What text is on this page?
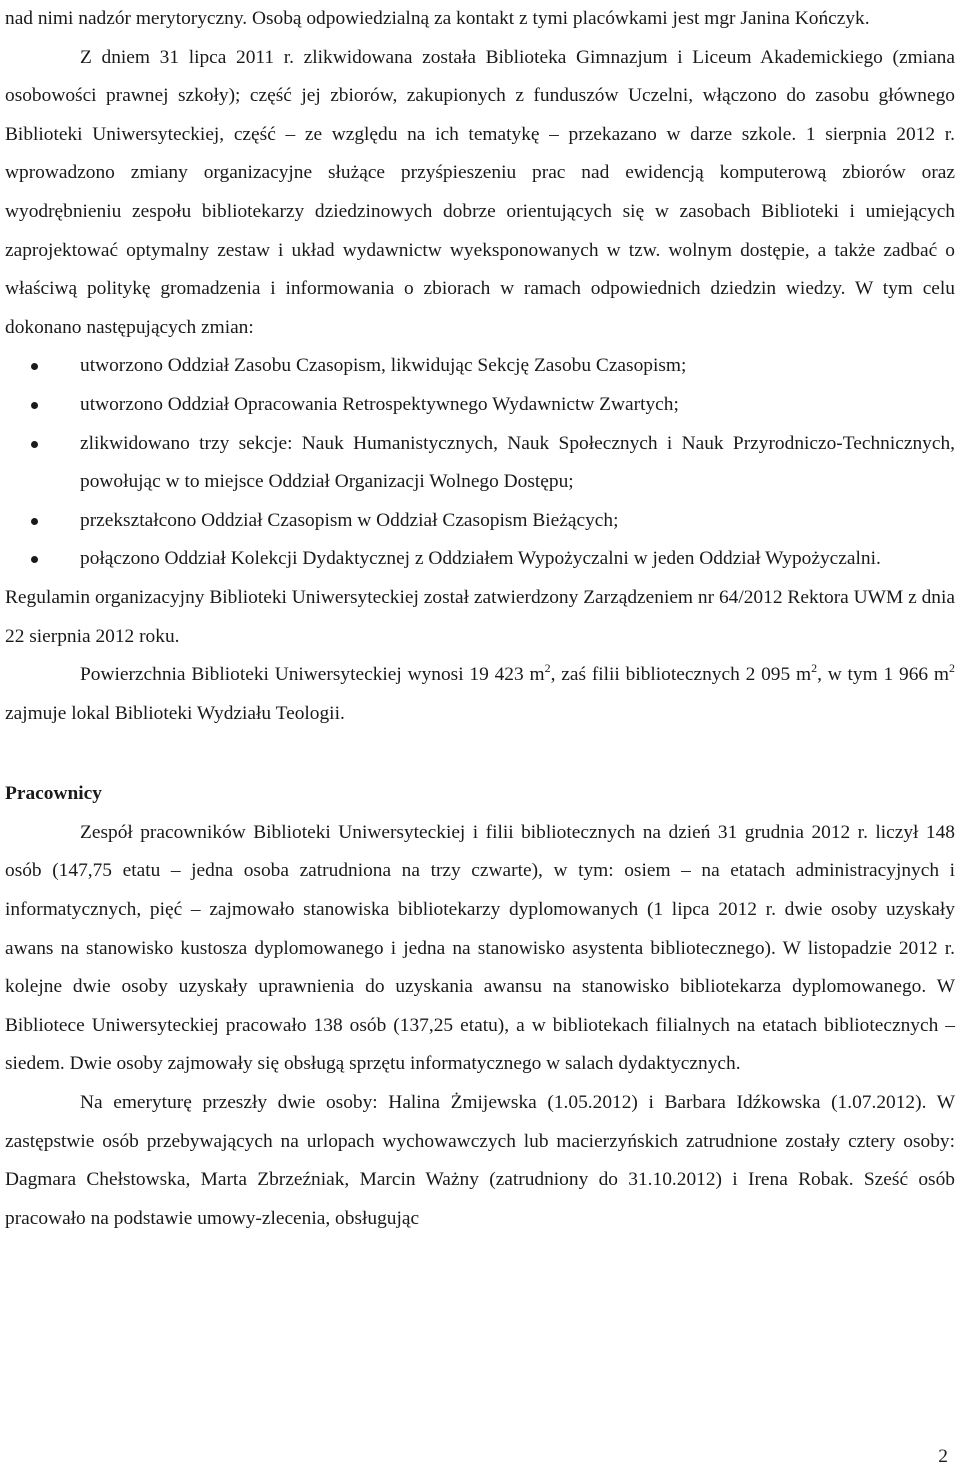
nad nimi nadzór merytoryczny. Osobą odpowiedzialną za kontakt z tymi placówkami jest mgr Janina Kończyk.

Z dniem 31 lipca 2011 r. zlikwidowana została Biblioteka Gimnazjum i Liceum Akademickiego (zmiana osobowości prawnej szkoły); część jej zbiorów, zakupionych z funduszów Uczelni, włączono do zasobu głównego Biblioteki Uniwersyteckiej, część – ze względu na ich tematykę – przekazano w darze szkole. 1 sierpnia 2012 r. wprowadzono zmiany organizacyjne służące przyśpieszeniu prac nad ewidencją komputerową zbiorów oraz wyodrębnieniu zespołu bibliotekarzy dziedzinowych dobrze orientujących się w zasobach Biblioteki i umiejących zaprojektować optymalny zestaw i układ wydawnictw wyeksponowanych w tzw. wolnym dostępie, a także zadbać o właściwą politykę gromadzenia i informowania o zbiorach w ramach odpowiednich dziedzin wiedzy. W tym celu dokonano następujących zmian:

utworzono Oddział Zasobu Czasopism, likwidując Sekcję Zasobu Czasopism;
utworzono Oddział Opracowania Retrospektywnego Wydawnictw Zwartych;
zlikwidowano trzy sekcje: Nauk Humanistycznych, Nauk Społecznych i Nauk Przyrodniczo-Technicznych, powołując w to miejsce Oddział Organizacji Wolnego Dostępu;
przekształcono Oddział Czasopism w Oddział Czasopism Bieżących;
połączono Oddział Kolekcji Dydaktycznej z Oddziałem Wypożyczalni w jeden Oddział Wypożyczalni.

Regulamin organizacyjny Biblioteki Uniwersyteckiej został zatwierdzony Zarządzeniem nr 64/2012 Rektora UWM z dnia 22 sierpnia 2012 roku.

Powierzchnia Biblioteki Uniwersyteckiej wynosi 19 423 $m^2$, zaś filii bibliotecznych 2 095 $m^2$, w tym 1 966 $m^2$ zajmuje lokal Biblioteki Wydziału Teologii.

Pracownicy

Zespół pracowników Biblioteki Uniwersyteckiej i filii bibliotecznych na dzień 31 grudnia 2012 r. liczył 148 osób (147,75 etatu – jedna osoba zatrudniona na trzy czwarte), w tym: osiem – na etatach administracyjnych i informatycznych, pięć – zajmowało stanowiska bibliotekarzy dyplomowanych (1 lipca 2012 r. dwie osoby uzyskały awans na stanowisko kustosza dyplomowanego i jedna na stanowisko asystenta bibliotecznego). W listopadzie 2012 r. kolejne dwie osoby uzyskały uprawnienia do uzyskania awansu na stanowisko bibliotekarza dyplomowanego. W Bibliotece Uniwersyteckiej pracowało 138 osób (137,25 etatu), a w bibliotekach filialnych na etatach bibliotecznych – siedem. Dwie osoby zajmowały się obsługą sprzętu informatycznego w salach dydaktycznych.

Na emeryturę przeszły dwie osoby: Halina Żmijewska (1.05.2012) i Barbara Idźkowska (1.07.2012). W zastępstwie osób przebywających na urlopach wychowawczych lub macierzyńskich zatrudnione zostały cztery osoby: Dagmara Chełstowska, Marta Zbrzeźniak, Marcin Ważny (zatrudniony do 31.10.2012) i Irena Robak. Sześć osób pracowało na podstawie umowy-zlecenia, obsługując

2
